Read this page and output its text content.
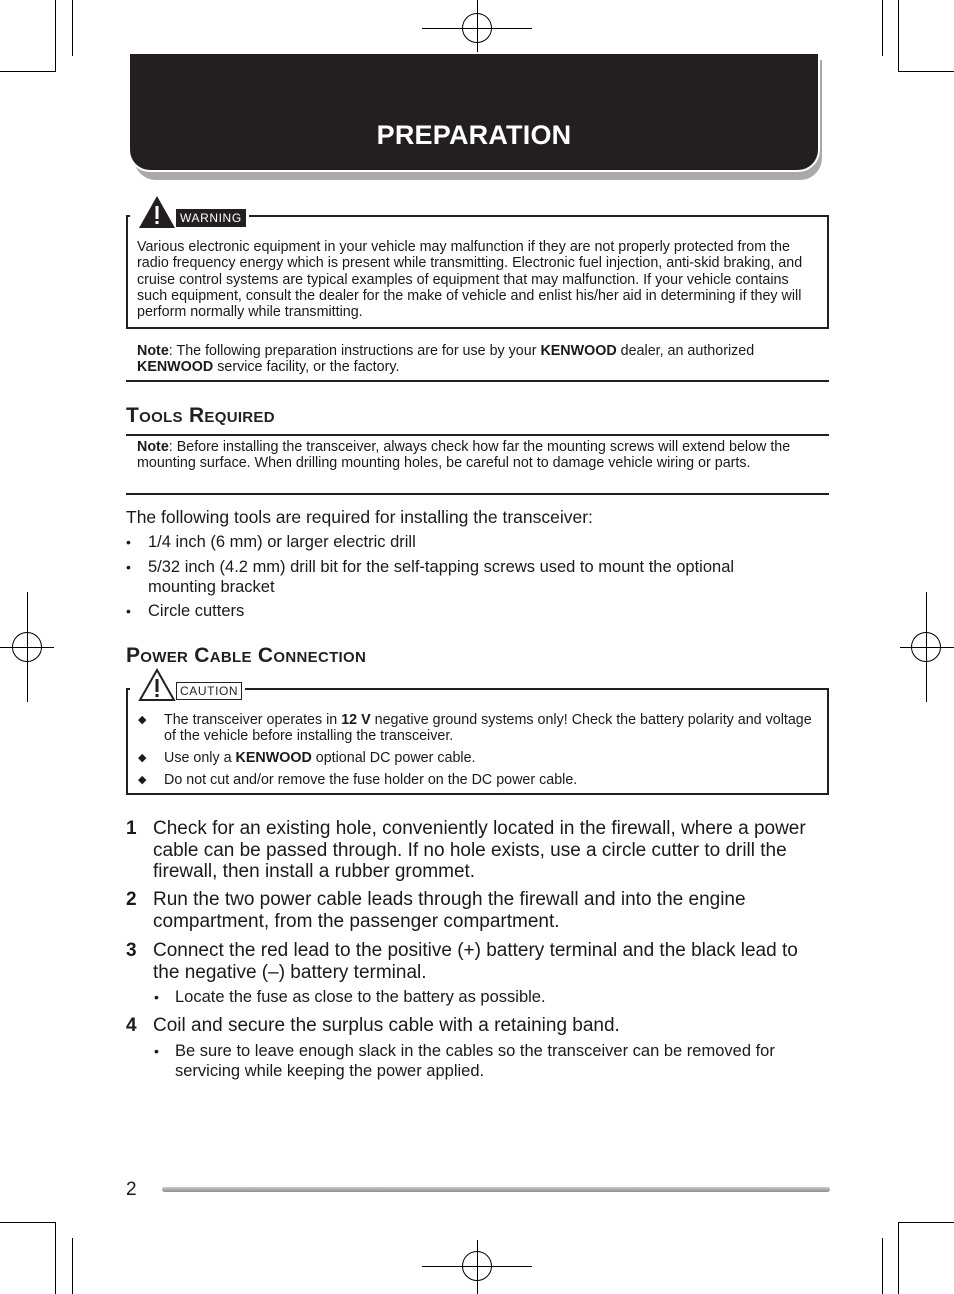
PREPARATION
Various electronic equipment in your vehicle may malfunction if they are not properly protected from the radio frequency energy which is present while transmitting. Electronic fuel injection, anti-skid braking, and cruise control systems are typical examples of equipment that may malfunction. If your vehicle contains such equipment, consult the dealer for the make of vehicle and enlist his/her aid in determining if they will perform normally while transmitting.
WARNING
Note: The following preparation instructions are for use by your KENWOOD dealer, an authorized KENWOOD service facility, or the factory.
Tools Required
Note: Before installing the transceiver, always check how far the mounting screws will extend below the mounting surface. When drilling mounting holes, be careful not to damage vehicle wiring or parts.
The following tools are required for installing the transceiver:
• 1/4 inch (6 mm) or larger electric drill
• 5/32 inch (4.2 mm) drill bit for the self-tapping screws used to mount the optional mounting bracket
• Circle cutters
Power Cable Connection
◆ The transceiver operates in 12 V negative ground systems only! Check the battery polarity and voltage of the vehicle before installing the transceiver.
◆ Use only a KENWOOD optional DC power cable.
◆ Do not cut and/or remove the fuse holder on the DC power cable.
CAUTION
1 Check for an existing hole, conveniently located in the firewall, where a power cable can be passed through. If no hole exists, use a circle cutter to drill the firewall, then install a rubber grommet.
2 Run the two power cable leads through the firewall and into the engine compartment, from the passenger compartment.
3 Connect the red lead to the positive (+) battery terminal and the black lead to the negative (–) battery terminal.
• Locate the fuse as close to the battery as possible.
4 Coil and secure the surplus cable with a retaining band.
• Be sure to leave enough slack in the cables so the transceiver can be removed for servicing while keeping the power applied.
2
